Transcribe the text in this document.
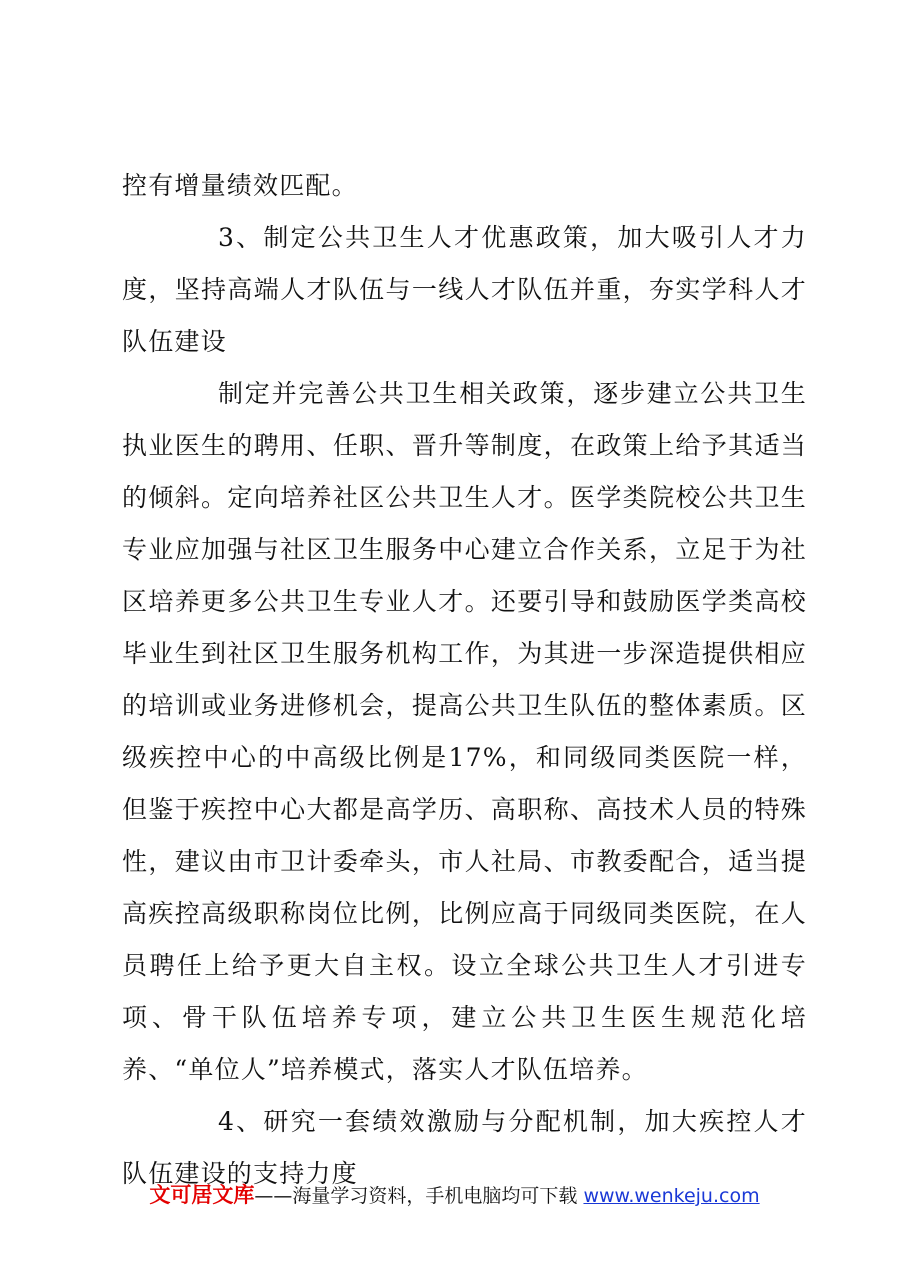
控有增量绩效匹配。

3、制定公共卫生人才优惠政策，加大吸引人才力度，坚持高端人才队伍与一线人才队伍并重，夯实学科人才队伍建设

制定并完善公共卫生相关政策，逐步建立公共卫生执业医生的聘用、任职、晋升等制度，在政策上给予其适当的倾斜。定向培养社区公共卫生人才。医学类院校公共卫生专业应加强与社区卫生服务中心建立合作关系，立足于为社区培养更多公共卫生专业人才。还要引导和鼓励医学类高校毕业生到社区卫生服务机构工作，为其进一步深造提供相应的培训或业务进修机会，提高公共卫生队伍的整体素质。区级疾控中心的中高级比例是17%，和同级同类医院一样，但鉴于疾控中心大都是高学历、高职称、高技术人员的特殊性，建议由市卫计委牵头，市人社局、市教委配合，适当提高疾控高级职称岗位比例，比例应高于同级同类医院，在人员聘任上给予更大自主权。设立全球公共卫生人才引进专项、骨干队伍培养专项，建立公共卫生医生规范化培养、“单位人”培养模式，落实人才队伍培养。

4、研究一套绩效激励与分配机制，加大疾控人才队伍建设的支持力度

文可居文库——海量学习资料，手机电脑均可下载 www.wenkeju.com
